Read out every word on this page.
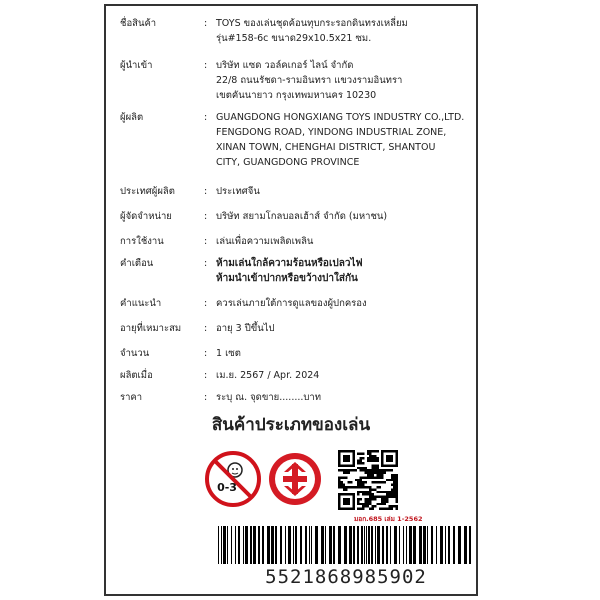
ชื่อสินค้า	: TOYS ของเล่นชุดค้อนทุบกระรอกดินทรงเหลี่ยม
รุ่น#158-6c ขนาด29x10.5x21 ซม.
ผู้นำเข้า	: บริษัท แซด วอล์คเกอร์ ไลน์ จำกัด
22/8 ถนนรัชดา-รามอินทรา แขวงรามอินทรา
เขตคันนายาว กรุงเทพมหานคร 10230
ผู้ผลิต	: GUANGDONG HONGXIANG TOYS INDUSTRY CO.,LTD.
FENGDONG ROAD, YINDONG INDUSTRIAL ZONE,
XINAN TOWN, CHENGHAI DISTRICT, SHANTOU
CITY, GUANGDONG PROVINCE
ประเทศผู้ผลิต	: ประเทศจีน
ผู้จัดจำหน่าย	: บริษัท สยามโกลบอลเฮ้าส์ จำกัด (มหาชน)
การใช้งาน	: เล่นเพื่อความเพลิดเพลิน
คำเตือน	: ห้ามเล่นใกล้ความร้อนหรือเปลวไฟ
ห้ามนำเข้าปากหรือขว้างปาใส่กัน
คำแนะนำ	: ควรเล่นภายใต้การดูแลของผู้ปกครอง
อายุที่เหมาะสม	: อายุ 3 ปีขึ้นไป
จำนวน	: 1 เซต
ผลิตเมื่อ	: เม.ย. 2567 / Apr. 2024
ราคา	: ระบุ ณ. จุดขาย........บาท
สินค้าประเภทของเล่น
0-3
มอก.685 เล่ม 1-2562
5521868985902
